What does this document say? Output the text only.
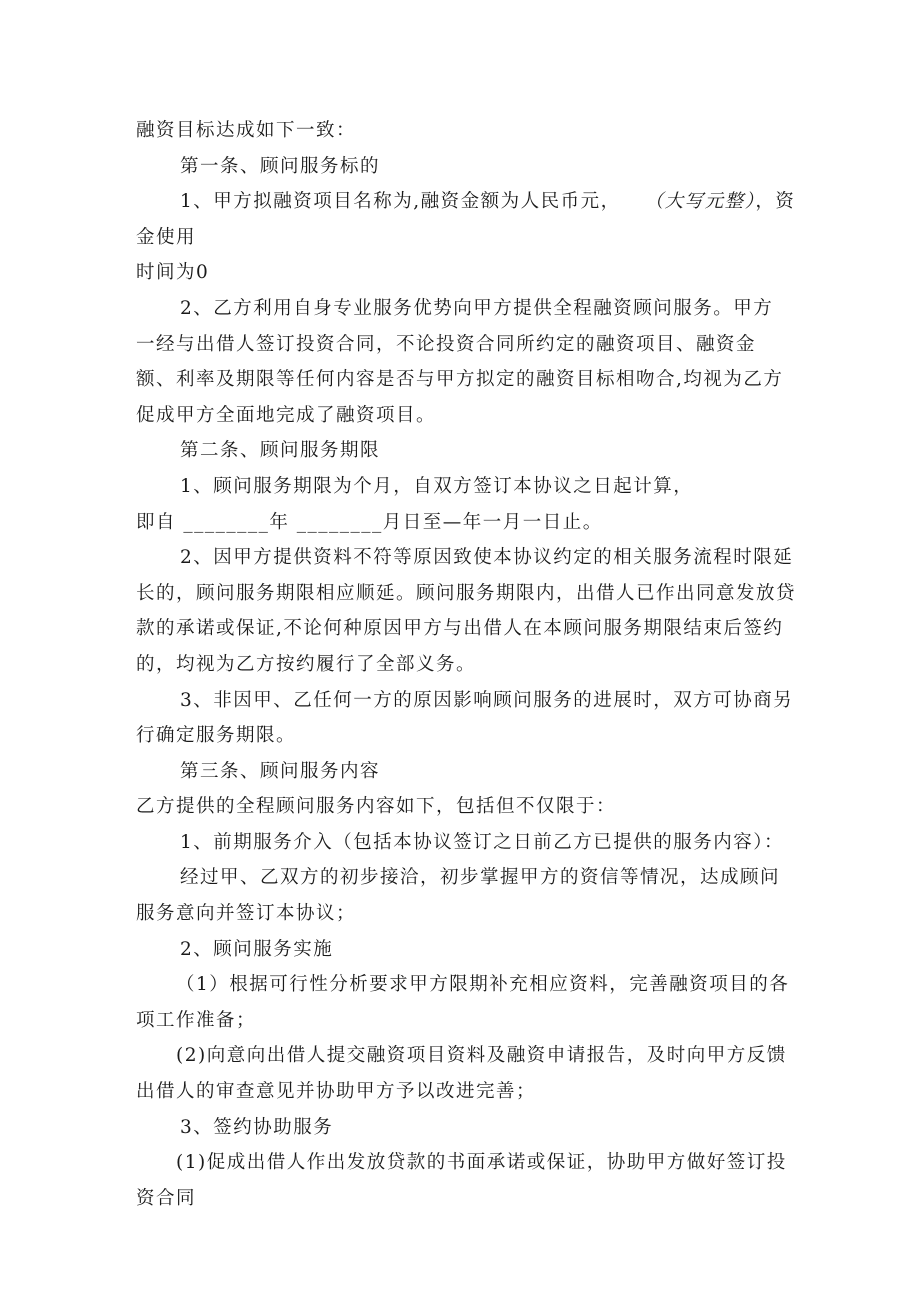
融资目标达成如下一致：

第一条、顾问服务标的

1、甲方拟融资项目名称为,融资金额为人民币元， （大写元整），资

金使用

时间为0

2、乙方利用自身专业服务优势向甲方提供全程融资顾问服务。甲方

一经与出借人签订投资合同，不论投资合同所约定的融资项目、融资金

额、利率及期限等任何内容是否与甲方拟定的融资目标相吻合,均视为乙方

促成甲方全面地完成了融资项目。

第二条、顾问服务期限

1、顾问服务期限为个月，自双方签订本协议之日起计算，

即自 ________年 ________月日至—年一月一日止。

2、因甲方提供资料不符等原因致使本协议约定的相关服务流程时限延

长的，顾问服务期限相应顺延。顾问服务期限内，出借人已作出同意发放贷

款的承诺或保证,不论何种原因甲方与出借人在本顾问服务期限结束后签约

的，均视为乙方按约履行了全部义务。

3、非因甲、乙任何一方的原因影响顾问服务的进展时，双方可协商另

行确定服务期限。

第三条、顾问服务内容

乙方提供的全程顾问服务内容如下，包括但不仅限于：

1、前期服务介入（包括本协议签订之日前乙方已提供的服务内容）：

经过甲、乙双方的初步接洽，初步掌握甲方的资信等情况，达成顾问

服务意向并签订本协议；

2、顾问服务实施

（1）根据可行性分析要求甲方限期补充相应资料，完善融资项目的各

项工作准备；

(2)向意向出借人提交融资项目资料及融资申请报告，及时向甲方反馈

出借人的审查意见并协助甲方予以改进完善；

3、签约协助服务

(1)促成出借人作出发放贷款的书面承诺或保证，协助甲方做好签订投

资合同
